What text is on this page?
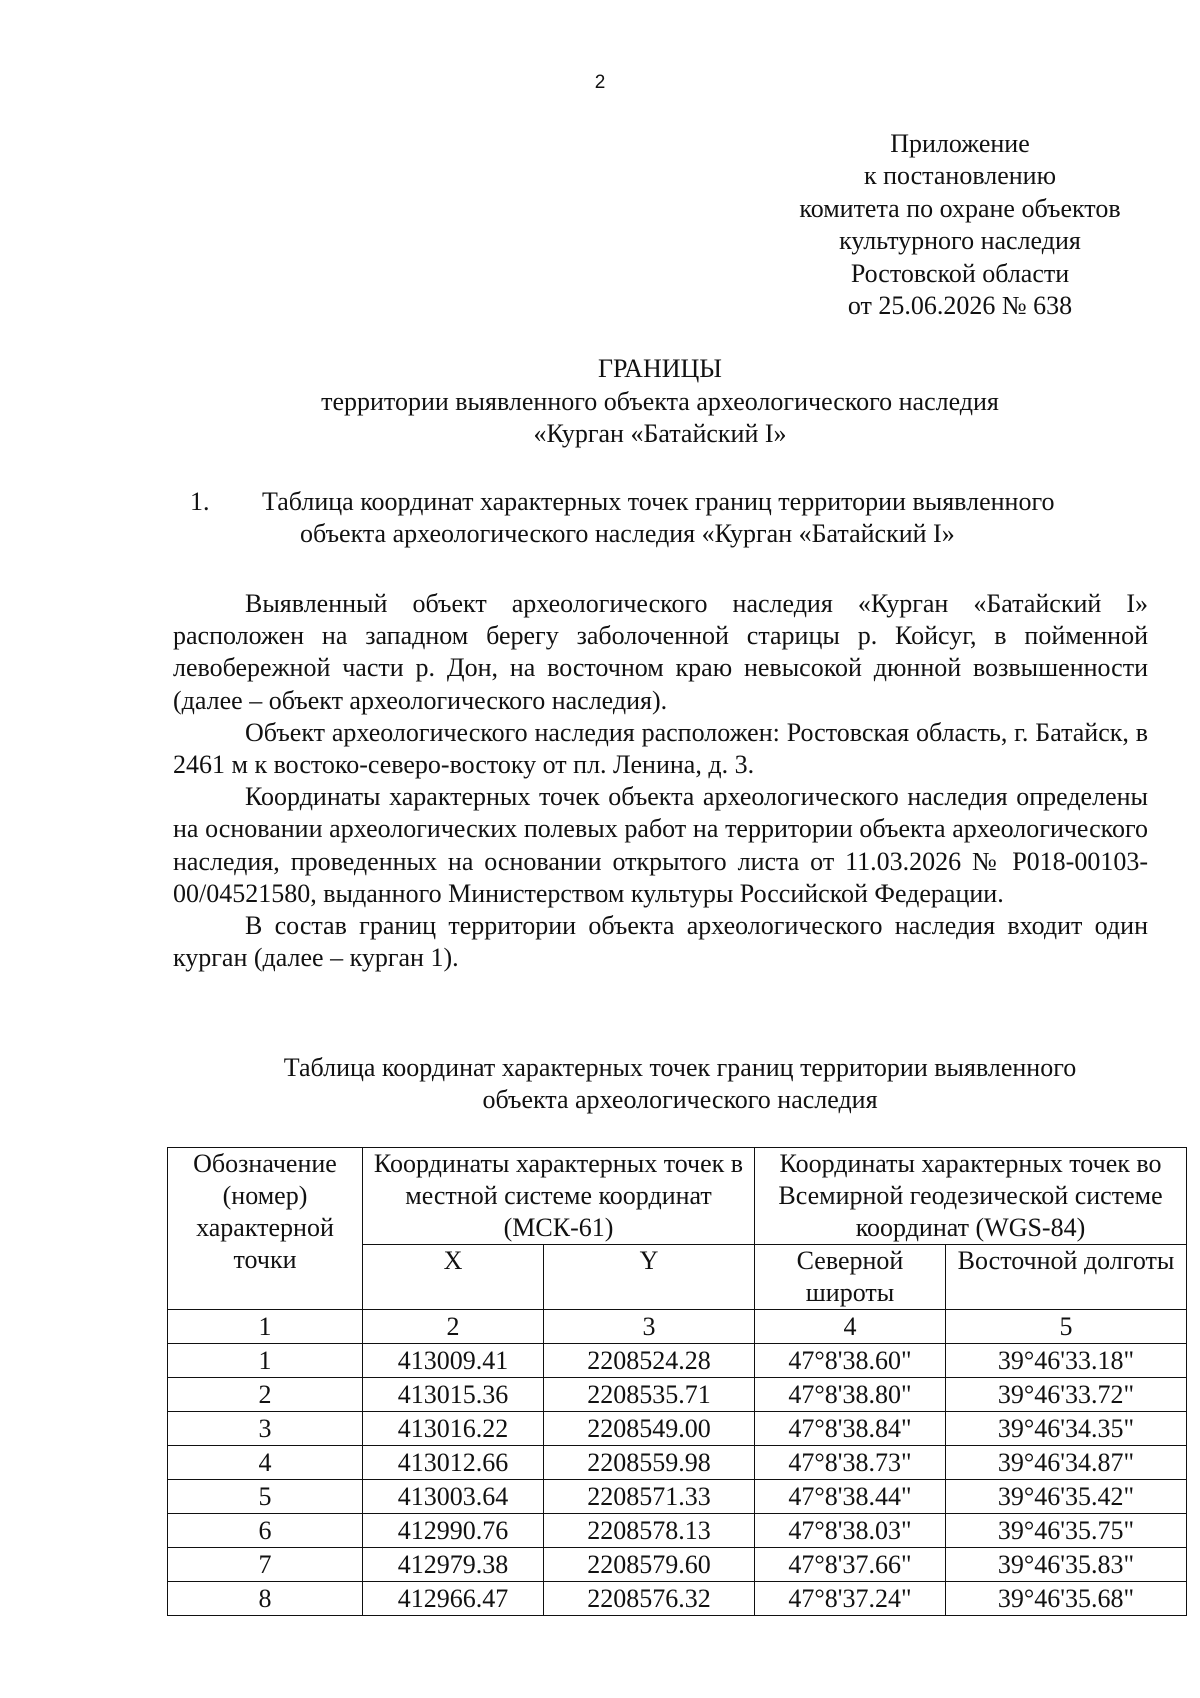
2
Приложение
к постановлению
комитета по охране объектов
культурного наследия
Ростовской области
от 25.06.2026 № 638
ГРАНИЦЫ
территории выявленного объекта археологического наследия
«Курган «Батайский I»
1. Таблица координат характерных точек границ территории выявленного
объекта археологического наследия «Курган «Батайский I»

Выявленный объект археологического наследия «Курган «Батайский I» расположен на западном берегу заболоченной старицы р. Койсуг, в пойменной левобережной части р. Дон, на восточном краю невысокой дюнной возвышенности (далее – объект археологического наследия).

Объект археологического наследия расположен: Ростовская область, г. Батайск, в 2461 м к востоко-северо-востоку от пл. Ленина, д. 3.

Координаты характерных точек объекта археологического наследия определены на основании археологических полевых работ на территории объекта археологического наследия, проведенных на основании открытого листа от 11.03.2026 № Р018-00103-00/04521580, выданного Министерством культуры Российской Федерации.

В состав границ территории объекта археологического наследия входит один курган (далее – курган 1).

Таблица координат характерных точек границ территории выявленного
объекта археологического наследия
Обозначение (номер) характерной точки	Координаты характерных точек в местной системе координат (МСК-61)		Координаты характерных точек во Всемирной геодезической системе координат (WGS-84)	
	X	Y	Северной широты	Восточной долготы
1	2	3	4	5
1	413009.41	2208524.28	47°8'38.60"	39°46'33.18"
2	413015.36	2208535.71	47°8'38.80"	39°46'33.72"
3	413016.22	2208549.00	47°8'38.84"	39°46'34.35"
4	413012.66	2208559.98	47°8'38.73"	39°46'34.87"
5	413003.64	2208571.33	47°8'38.44"	39°46'35.42"
6	412990.76	2208578.13	47°8'38.03"	39°46'35.75"
7	412979.38	2208579.60	47°8'37.66"	39°46'35.83"
8	412966.47	2208576.32	47°8'37.24"	39°46'35.68"
